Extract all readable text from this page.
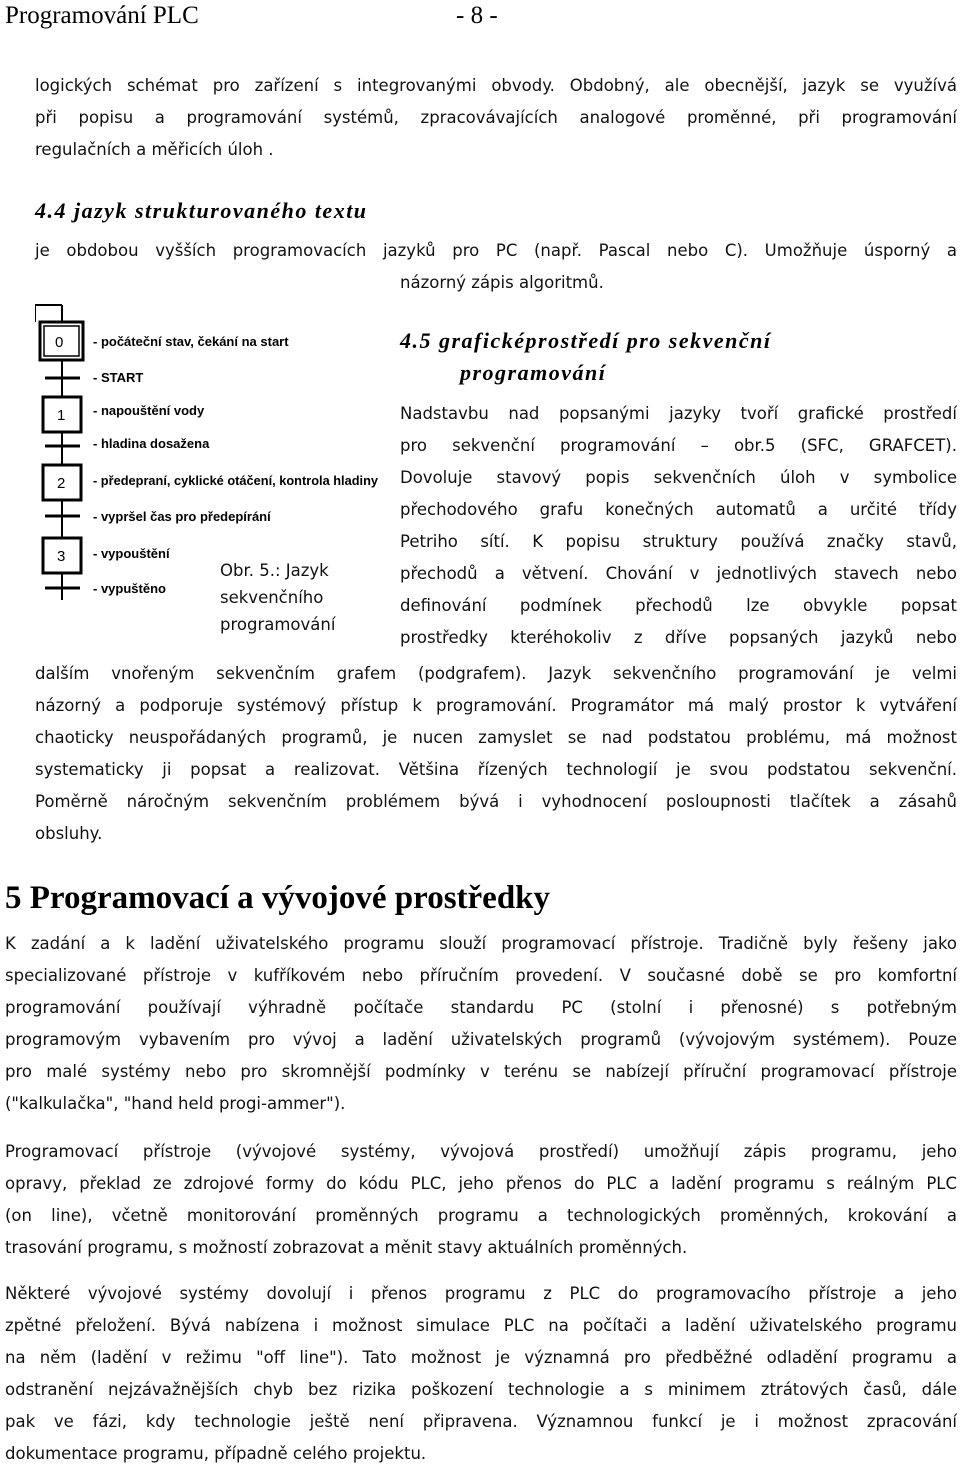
Programování PLC	- 8 -
logických schémat pro zařízení s integrovanými obvody. Obdobný, ale obecnější, jazyk se využívá
při popisu a programování systémů, zpracovávajících analogové proměnné, při programování
regulačních a měřicích úloh .
4.4 jazyk strukturovaného textu
je obdobou vyšších programovacích jazyků pro PC (např. Pascal nebo C). Umožňuje úsporný a
názorný zápis algoritmů.
0
1
2
3
- počáteční stav, čekání na start
- START
- napouštění vody
- hladina dosažena
- předepraní, cyklické otáčení, kontrola hladiny
- vypršel čas pro předepírání
- vypouštění
- vypuštěno
Obr. 5.: Jazyk
sekvenčního
programování
4.5 graficképrostředí pro sekvenční
programování
Nadstavbu nad popsanými jazyky tvoří grafické prostředí
pro sekvenční programování – obr.5 (SFC, GRAFCET).
Dovoluje stavový popis sekvenčních úloh v symbolice
přechodového grafu konečných automatů a určité třídy
Petriho sítí. K popisu struktury používá značky stavů,
přechodů a větvení. Chování v jednotlivých stavech nebo
definování podmínek přechodů lze obvykle popsat
prostředky kteréhokoliv z dříve popsaných jazyků nebo
dalším vnořeným sekvenčním grafem (podgrafem). Jazyk sekvenčního programování je velmi
názorný a podporuje systémový přístup k programování. Programátor má malý prostor k vytváření
chaoticky neuspořádaných programů, je nucen zamyslet se nad podstatou problému, má možnost
systematicky ji popsat a realizovat. Většina řízených technologií je svou podstatou sekvenční.
Poměrně náročným sekvenčním problémem bývá i vyhodnocení posloupnosti tlačítek a zásahů
obsluhy.
5 Programovací a vývojové prostředky
K zadání a k ladění uživatelského programu slouží programovací přístroje. Tradičně byly řešeny jako
specializované přístroje v kufříkovém nebo příručním provedení. V současné době se pro komfortní
programování používají výhradně počítače standardu PC (stolní i přenosné) s potřebným
programovým vybavením pro vývoj a ladění uživatelských programů (vývojovým systémem). Pouze
pro malé systémy nebo pro skromnější podmínky v terénu se nabízejí příruční programovací přístroje
("kalkulačka", "hand held progi-ammer").
Programovací přístroje (vývojové systémy, vývojová prostředí) umožňují zápis programu, jeho
opravy, překlad ze zdrojové formy do kódu PLC, jeho přenos do PLC a ladění programu s reálným PLC
(on line), včetně monitorování proměnných programu a technologických proměnných, krokování a
trasování programu, s možností zobrazovat a měnit stavy aktuálních proměnných.
Některé vývojové systémy dovolují i přenos programu z PLC do programovacího přístroje a jeho
zpětné přeložení. Bývá nabízena i možnost simulace PLC na počítači a ladění uživatelského programu
na něm (ladění v režimu "off line"). Tato možnost je významná pro předběžné odladění programu a
odstranění nejzávažnějších chyb bez rizika poškození technologie a s minimem ztrátových časů, dále
pak ve fázi, kdy technologie ještě není připravena. Významnou funkcí je i možnost zpracování
dokumentace programu, případně celého projektu.
